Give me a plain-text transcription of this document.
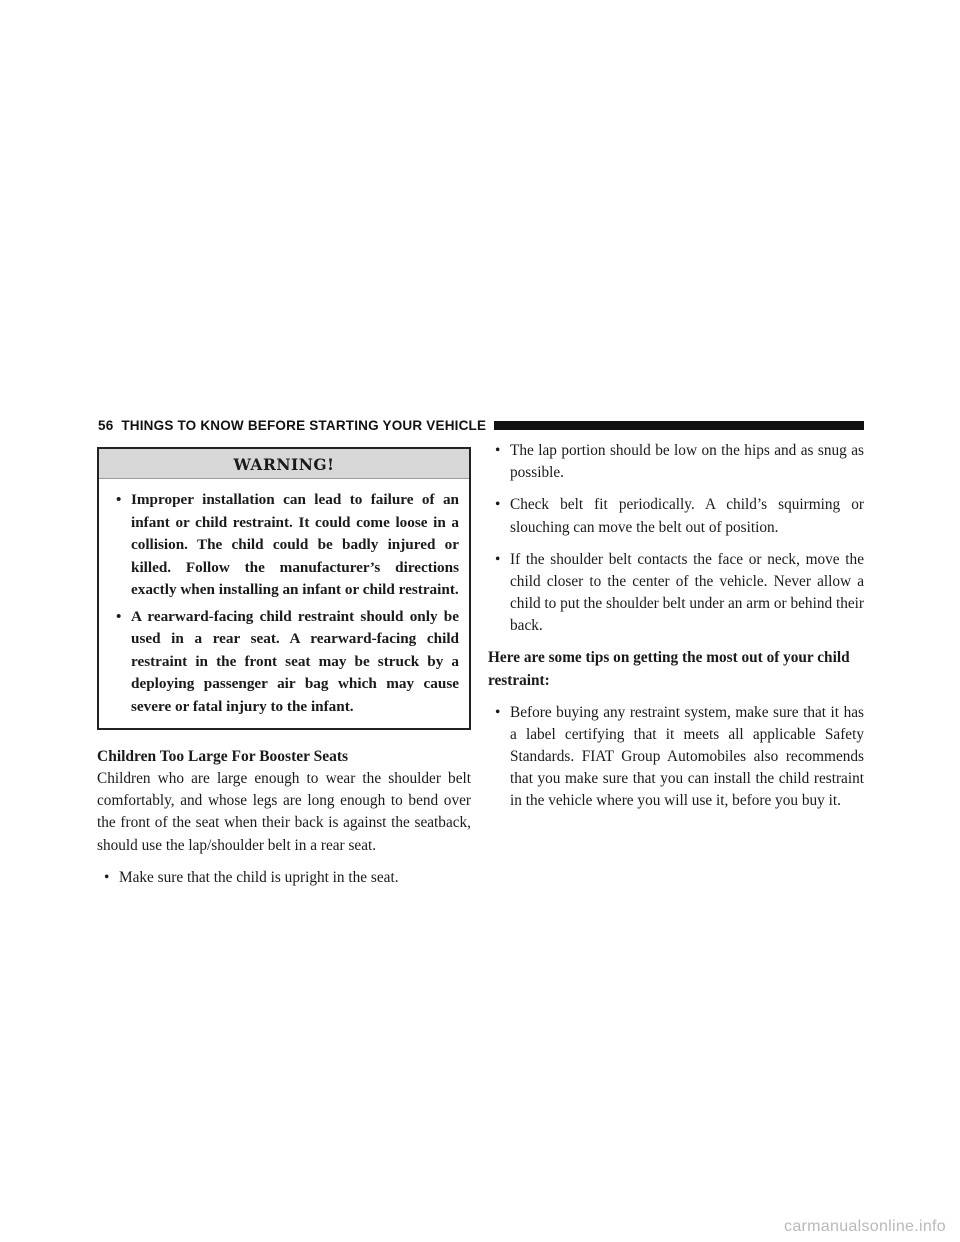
56 THINGS TO KNOW BEFORE STARTING YOUR VEHICLE
WARNING!
• Improper installation can lead to failure of an infant or child restraint. It could come loose in a collision. The child could be badly injured or killed. Follow the manufacturer’s directions exactly when installing an infant or child restraint.
• A rearward-facing child restraint should only be used in a rear seat. A rearward-facing child restraint in the front seat may be struck by a deploying passenger air bag which may cause severe or fatal injury to the infant.
Children Too Large For Booster Seats
Children who are large enough to wear the shoulder belt comfortably, and whose legs are long enough to bend over the front of the seat when their back is against the seatback, should use the lap/shoulder belt in a rear seat.
• Make sure that the child is upright in the seat.
• The lap portion should be low on the hips and as snug as possible.
• Check belt fit periodically. A child’s squirming or slouching can move the belt out of position.
• If the shoulder belt contacts the face or neck, move the child closer to the center of the vehicle. Never allow a child to put the shoulder belt under an arm or behind their back.
Here are some tips on getting the most out of your child restraint:
• Before buying any restraint system, make sure that it has a label certifying that it meets all applicable Safety Standards. FIAT Group Automobiles also recommends that you make sure that you can install the child restraint in the vehicle where you will use it, before you buy it.
carmanualsonline.info
